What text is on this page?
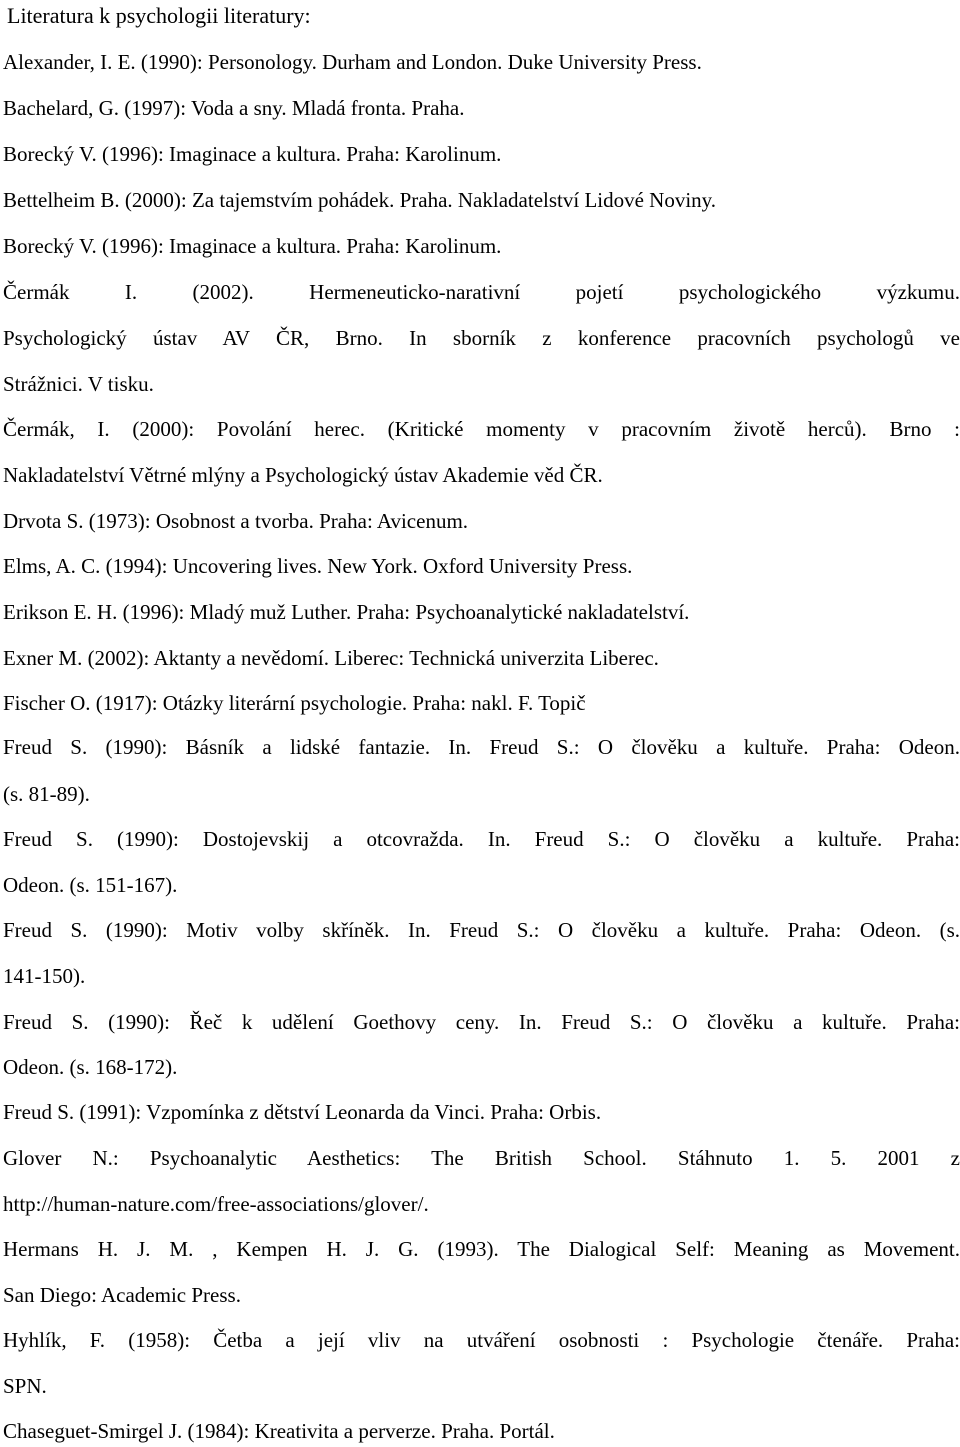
Literatura k psychologii literatury:
Alexander, I. E. (1990): Personology. Durham and London. Duke University Press.
Bachelard, G. (1997): Voda a sny. Mladá fronta. Praha.
Borecký V. (1996): Imaginace a kultura. Praha: Karolinum.
Bettelheim B. (2000): Za tajemstvím pohádek. Praha. Nakladatelství Lidové Noviny.
Borecký V. (1996): Imaginace a kultura. Praha: Karolinum.
Čermák I. (2002). Hermeneuticko-narativní pojetí psychologického výzkumu.
Psychologický ústav AV ČR, Brno. In sborník z konference pracovních psychologů ve
Strážnici. V tisku.
Čermák, I. (2000): Povolání herec. (Kritické momenty v pracovním životě herců). Brno :
Nakladatelství Větrné mlýny a Psychologický ústav Akademie věd ČR.
Drvota S. (1973): Osobnost a tvorba. Praha: Avicenum.
Elms, A. C. (1994): Uncovering lives. New York. Oxford University Press.
Erikson E. H. (1996): Mladý muž Luther. Praha: Psychoanalytické nakladatelství.
Exner M. (2002): Aktanty a nevědomí. Liberec: Technická univerzita Liberec.
Fischer O. (1917): Otázky literární psychologie. Praha: nakl. F. Topič
Freud S. (1990): Básník a lidské fantazie. In. Freud S.: O člověku a kultuře. Praha: Odeon.
(s. 81-89).
Freud S. (1990): Dostojevskij a otcovražda. In. Freud S.: O člověku a kultuře. Praha:
Odeon. (s. 151-167).
Freud S. (1990): Motiv volby skříněk. In. Freud S.: O člověku a kultuře. Praha: Odeon. (s.
141-150).
Freud S. (1990): Řeč k udělení Goethovy ceny. In. Freud S.: O člověku a kultuře. Praha:
Odeon. (s. 168-172).
Freud S. (1991): Vzpomínka z dětství Leonarda da Vinci. Praha: Orbis.
Glover N.: Psychoanalytic Aesthetics: The British School. Stáhnuto 1. 5. 2001 z
http://human-nature.com/free-associations/glover/.
Hermans H. J. M. , Kempen H. J. G. (1993). The Dialogical Self: Meaning as Movement.
San Diego: Academic Press.
Hyhlík, F. (1958): Četba a její vliv na utváření osobnosti : Psychologie čtenáře. Praha:
SPN.
Chaseguet-Smirgel J. (1984): Kreativita a perverze. Praha. Portál.
